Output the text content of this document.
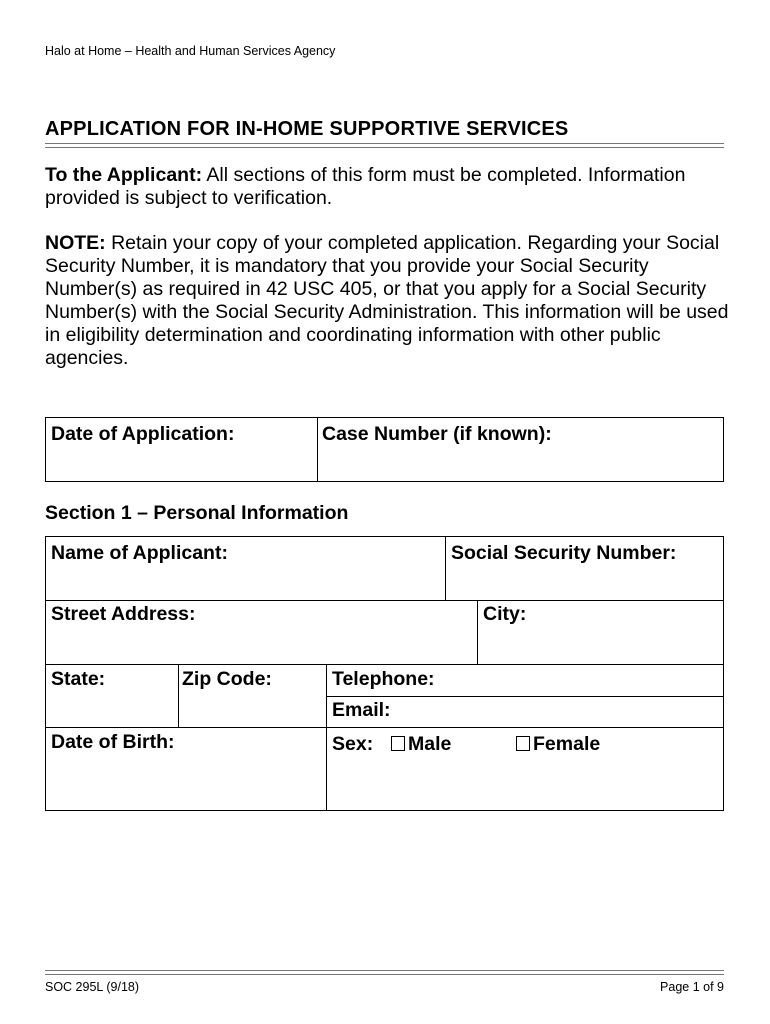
Halo at Home – Health and Human Services Agency
APPLICATION FOR IN-HOME SUPPORTIVE SERVICES
To the Applicant: All sections of this form must be completed. Information provided is subject to verification.
NOTE: Retain your copy of your completed application. Regarding your Social Security Number, it is mandatory that you provide your Social Security Number(s) as required in 42 USC 405, or that you apply for a Social Security Number(s) with the Social Security Administration. This information will be used in eligibility determination and coordinating information with other public agencies.
Date of Application:	Case Number (if known):
Section 1 – Personal Information
Name of Applicant:	Social Security Number:
Street Address:	City:
State:	Zip Code:	Telephone:
Email:
Date of Birth:	Sex:	Male	Female
SOC 295L (9/18)	Page 1 of 9
